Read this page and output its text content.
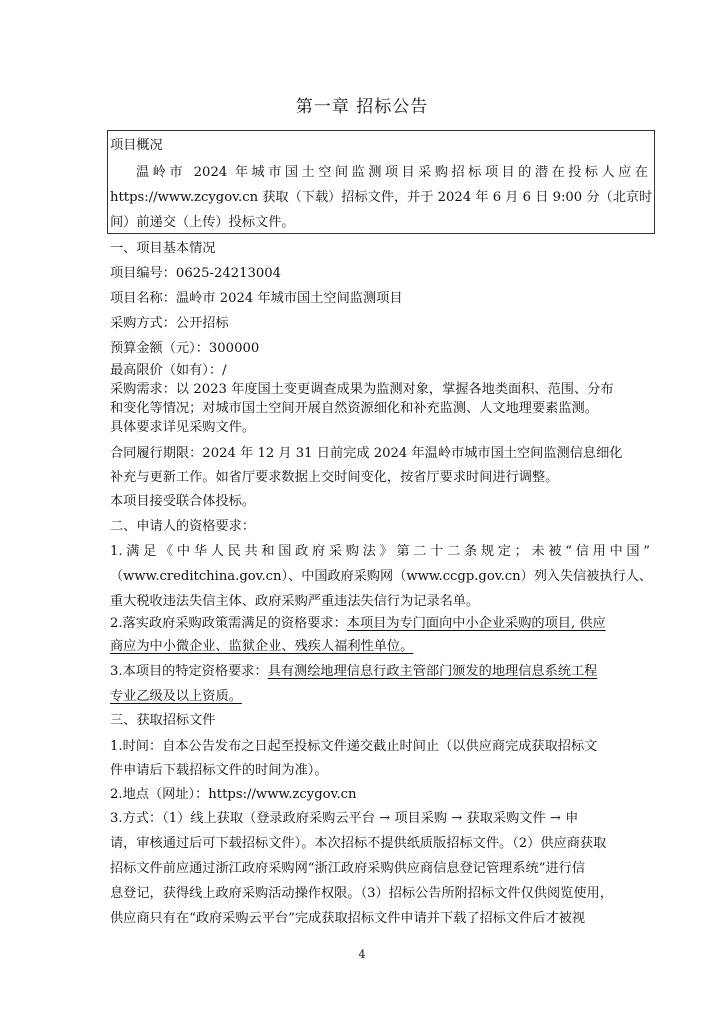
第一章 招标公告
项目概况
温岭市 2024 年城市国土空间监测项目采购招标项目的潜在投标人应在
https://www.zcygov.cn 获取（下载）招标文件，并于 2024 年 6 月 6 日 9:00 分（北京时
间）前递交（上传）投标文件。
一、项目基本情况
项目编号：0625-24213004
项目名称：温岭市 2024 年城市国土空间监测项目
采购方式：公开招标
预算金额（元）：300000
最高限价（如有）：/
采购需求：以 2023 年度国土变更调查成果为监测对象，掌握各地类面积、范围、分布
和变化等情况；对城市国土空间开展自然资源细化和补充监测、人文地理要素监测。
具体要求详见采购文件。
合同履行期限：2024 年 12 月 31 日前完成 2024 年温岭市城市国土空间监测信息细化
补充与更新工作。如省厅要求数据上交时间变化，按省厅要求时间进行调整。
本项目接受联合体投标。
二、申请人的资格要求：
1.满足《中华人民共和国政府采购法》第二十二条规定；未被“信用中国”
（www.creditchina.gov.cn）、中国政府采购网（www.ccgp.gov.cn）列入失信被执行人、
重大税收违法失信主体、政府采购严重违法失信行为记录名单。
2.落实政府采购政策需满足的资格要求：本项目为专门面向中小企业采购的项目, 供应
商应为中小微企业、监狱企业、残疾人福利性单位。
3.本项目的特定资格要求：具有测绘地理信息行政主管部门颁发的地理信息系统工程
专业乙级及以上资质。
三、获取招标文件
1.时间：自本公告发布之日起至投标文件递交截止时间止（以供应商完成获取招标文
件申请后下载招标文件的时间为准）。
2.地点（网址）：https://www.zcygov.cn
3.方式：（1）线上获取（登录政府采购云平台 → 项目采购 → 获取采购文件 → 申
请，审核通过后可下载招标文件）。本次招标不提供纸质版招标文件。（2）供应商获取
招标文件前应通过浙江政府采购网“浙江政府采购供应商信息登记管理系统”进行信
息登记，获得线上政府采购活动操作权限。（3）招标公告所附招标文件仅供阅览使用，
供应商只有在“政府采购云平台”完成获取招标文件申请并下载了招标文件后才被视
4
